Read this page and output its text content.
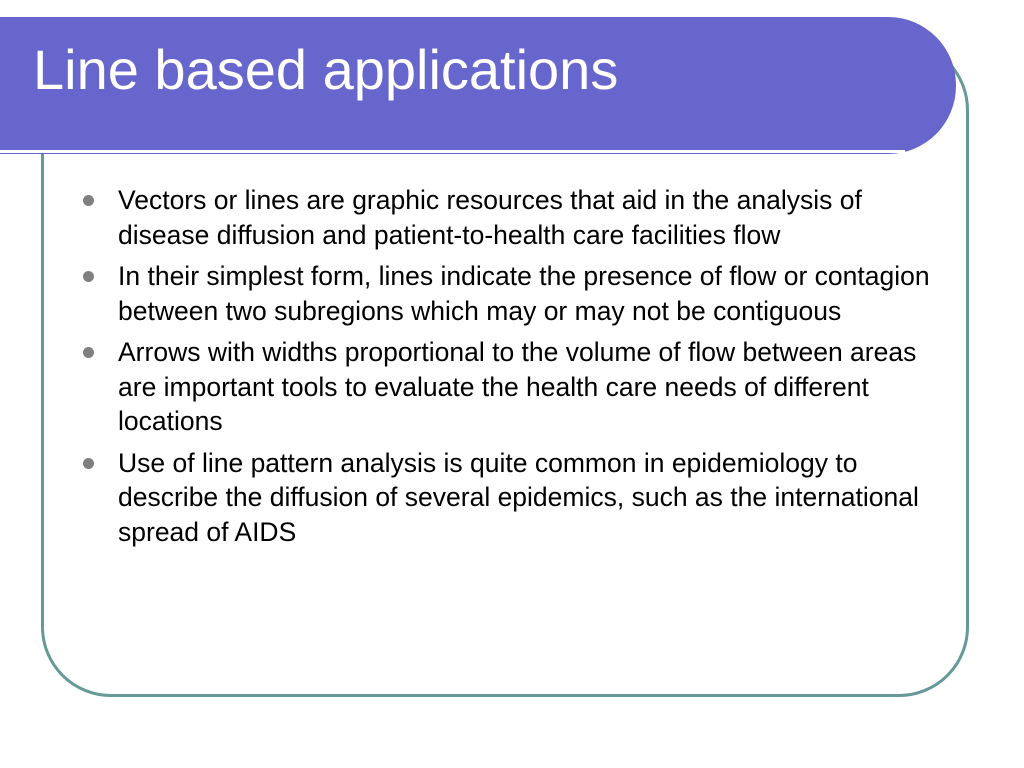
Line based applications
Vectors or lines are graphic resources that aid in the analysis of disease diffusion and patient-to-health care facilities flow
In their simplest form, lines indicate the presence of flow or contagion between two subregions which may or may not be contiguous
Arrows with widths proportional to the volume of flow between areas are important tools to evaluate the health care needs of different locations
Use of line pattern analysis is quite common in epidemiology to describe the diffusion of several epidemics, such as the international spread of AIDS
